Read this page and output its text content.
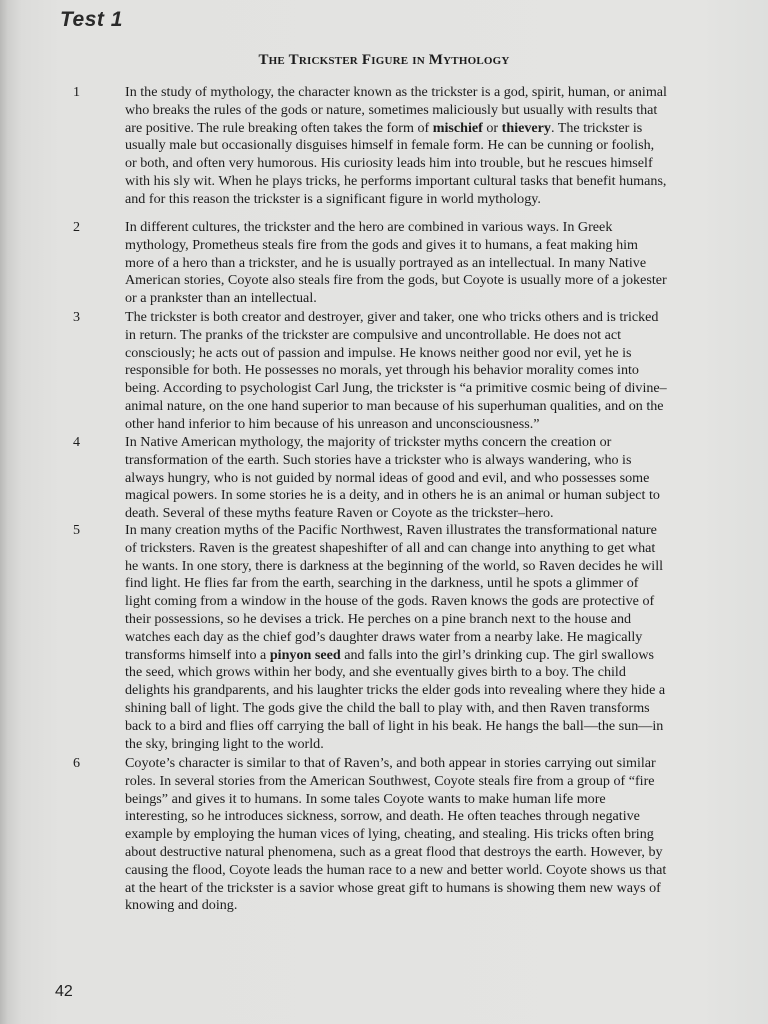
Test 1
The Trickster Figure in Mythology
1	In the study of mythology, the character known as the trickster is a god, spirit, human, or animal who breaks the rules of the gods or nature, sometimes maliciously but usually with results that are positive. The rule breaking often takes the form of mischief or thievery. The trickster is usually male but occasionally disguises himself in female form. He can be cunning or foolish, or both, and often very humorous. His curiosity leads him into trouble, but he rescues himself with his sly wit. When he plays tricks, he performs important cultural tasks that benefit humans, and for this reason the trickster is a significant figure in world mythology.
2	In different cultures, the trickster and the hero are combined in various ways. In Greek mythology, Prometheus steals fire from the gods and gives it to humans, a feat making him more of a hero than a trickster, and he is usually portrayed as an intellectual. In many Native American stories, Coyote also steals fire from the gods, but Coyote is usually more of a jokester or a prankster than an intellectual.
3	The trickster is both creator and destroyer, giver and taker, one who tricks others and is tricked in return. The pranks of the trickster are compulsive and uncontrollable. He does not act consciously; he acts out of passion and impulse. He knows neither good nor evil, yet he is responsible for both. He possesses no morals, yet through his behavior morality comes into being. According to psychologist Carl Jung, the trickster is “a primitive cosmic being of divine–animal nature, on the one hand superior to man because of his superhuman qualities, and on the other hand inferior to him because of his unreason and unconsciousness.”
4	In Native American mythology, the majority of trickster myths concern the creation or transformation of the earth. Such stories have a trickster who is always wandering, who is always hungry, who is not guided by normal ideas of good and evil, and who possesses some magical powers. In some stories he is a deity, and in others he is an animal or human subject to death. Several of these myths feature Raven or Coyote as the trickster–hero.
5	In many creation myths of the Pacific Northwest, Raven illustrates the transformational nature of tricksters. Raven is the greatest shapeshifter of all and can change into anything to get what he wants. In one story, there is darkness at the beginning of the world, so Raven decides he will find light. He flies far from the earth, searching in the darkness, until he spots a glimmer of light coming from a window in the house of the gods. Raven knows the gods are protective of their possessions, so he devises a trick. He perches on a pine branch next to the house and watches each day as the chief god’s daughter draws water from a nearby lake. He magically transforms himself into a pinyon seed and falls into the girl’s drinking cup. The girl swallows the seed, which grows within her body, and she eventually gives birth to a boy. The child delights his grandparents, and his laughter tricks the elder gods into revealing where they hide a shining ball of light. The gods give the child the ball to play with, and then Raven transforms back to a bird and flies off carrying the ball of light in his beak. He hangs the ball—the sun—in the sky, bringing light to the world.
6	Coyote’s character is similar to that of Raven’s, and both appear in stories carrying out similar roles. In several stories from the American Southwest, Coyote steals fire from a group of “fire beings” and gives it to humans. In some tales Coyote wants to make human life more interesting, so he introduces sickness, sorrow, and death. He often teaches through negative example by employing the human vices of lying, cheating, and stealing. His tricks often bring about destructive natural phenomena, such as a great flood that destroys the earth. However, by causing the flood, Coyote leads the human race to a new and better world. Coyote shows us that at the heart of the trickster is a savior whose great gift to humans is showing them new ways of knowing and doing.
42
